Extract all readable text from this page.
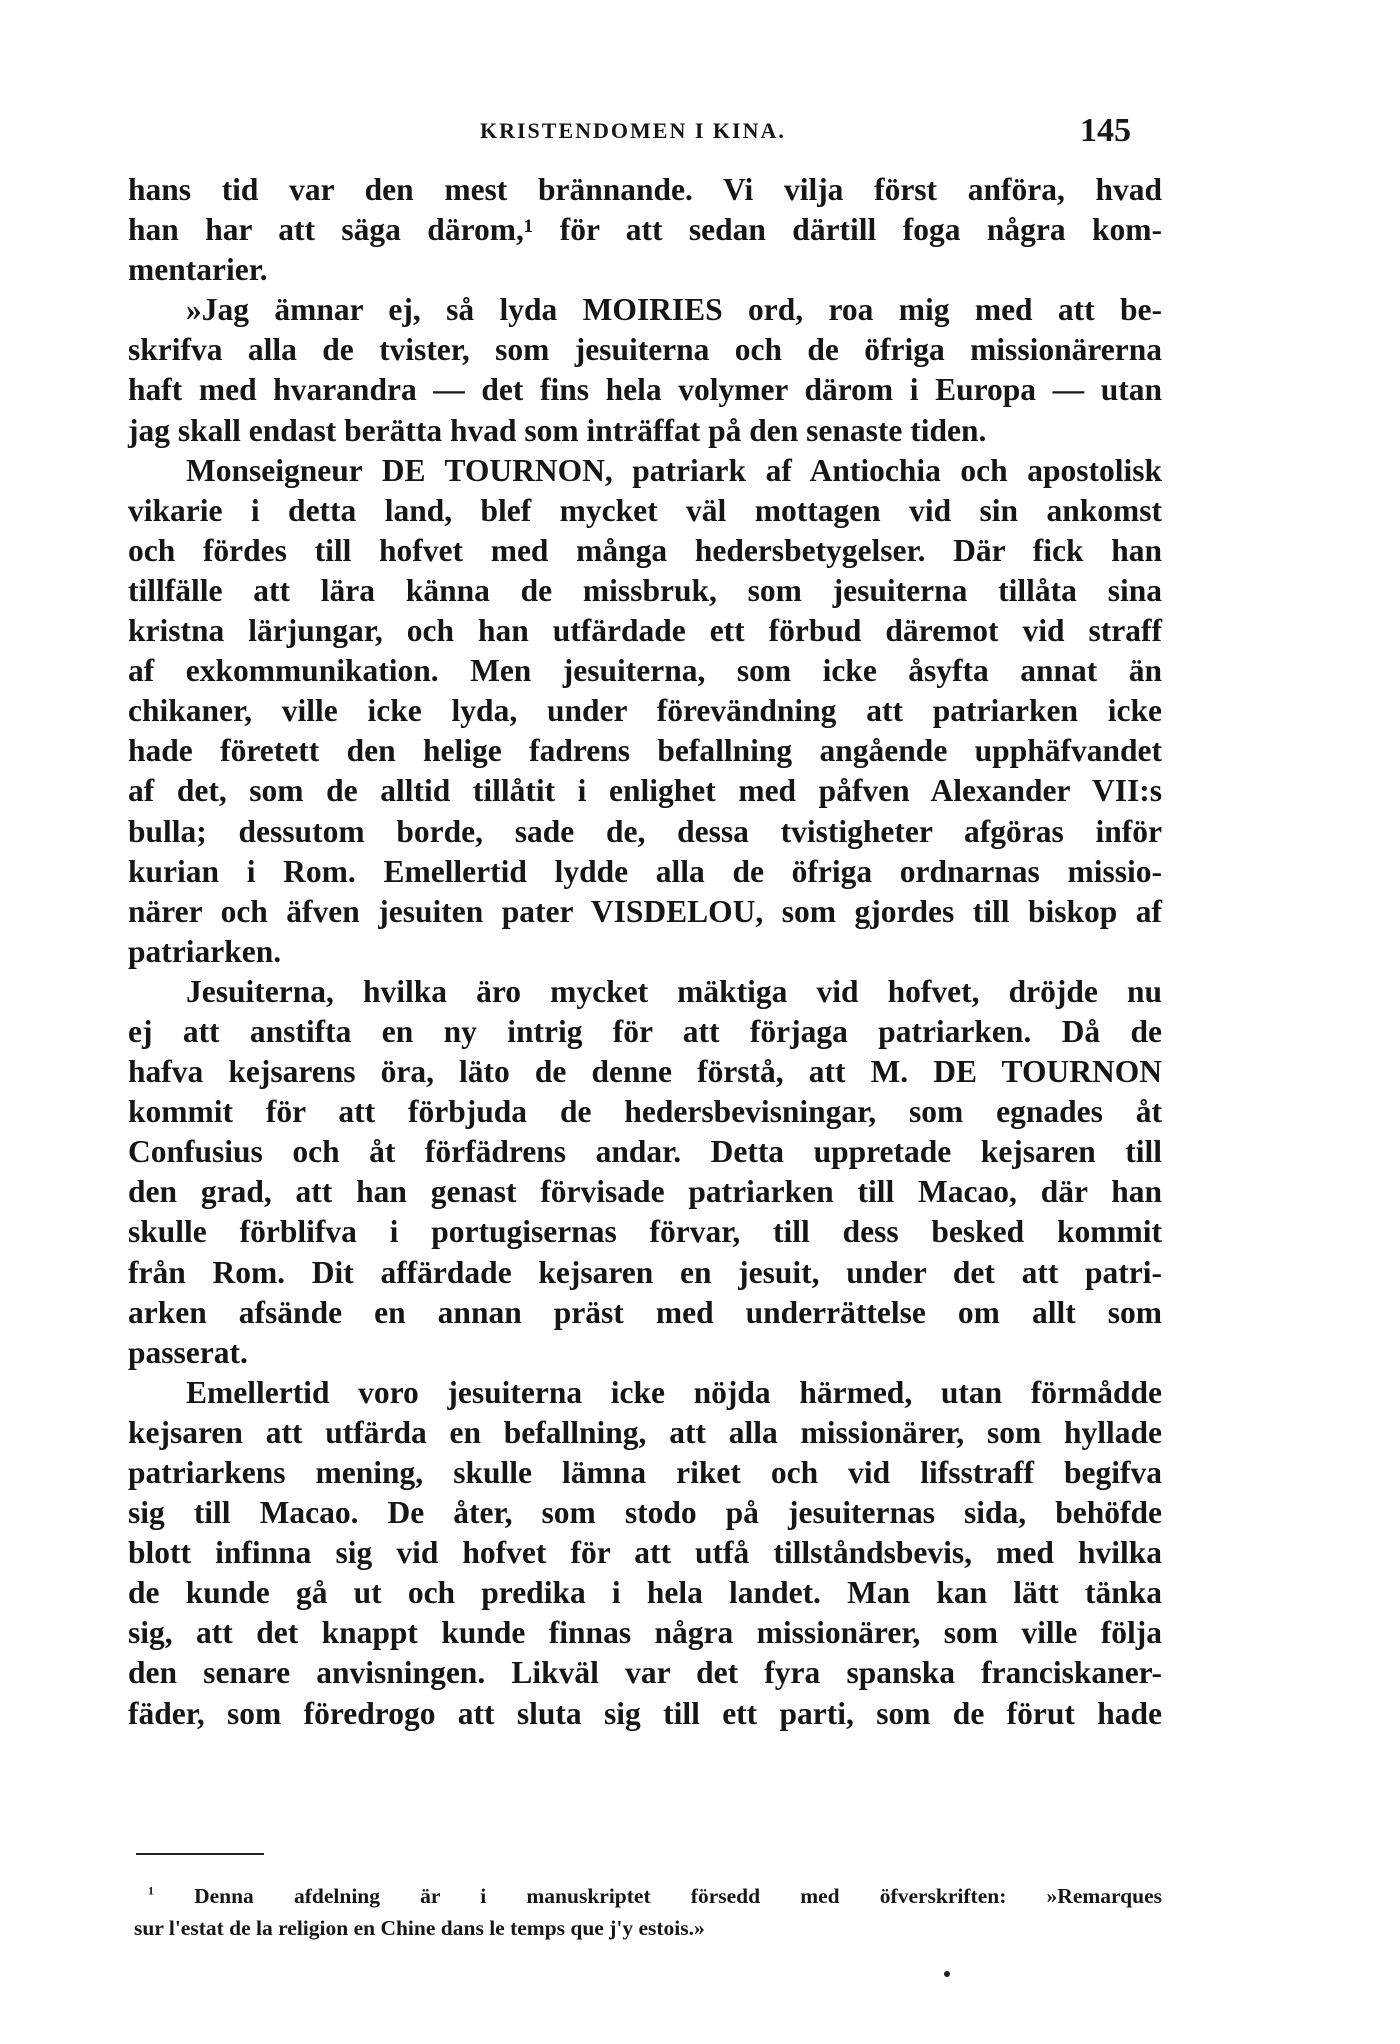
KRISTENDOMEN I KINA.	145
hans tid var den mest brännande. Vi vilja först anföra, hvad
han har att säga därom,¹ för att sedan därtill foga några kom-
mentarier.
»Jag ämnar ej, så lyda MOIRIES ord, roa mig med att be-
skrifva alla de tvister, som jesuiterna och de öfriga missionärerna
haft med hvarandra — det fins hela volymer därom i Europa — utan
jag skall endast berätta hvad som inträffat på den senaste tiden.
Monseigneur DE TOURNON, patriark af Antiochia och apostolisk
vikarie i detta land, blef mycket väl mottagen vid sin ankomst
och fördes till hofvet med många hedersbetygelser. Där fick han
tillfälle att lära känna de missbruk, som jesuiterna tillåta sina
kristna lärjungar, och han utfärdade ett förbud däremot vid straff
af exkommunikation. Men jesuiterna, som icke åsyfta annat än
chikaner, ville icke lyda, under förevändning att patriarken icke
hade företett den helige fadrens befallning angående upphäfvandet
af det, som de alltid tillåtit i enlighet med påfven Alexander VII:s
bulla; dessutom borde, sade de, dessa tvistigheter afgöras inför
kurian i Rom. Emellertid lydde alla de öfriga ordnarnas missio-
närer och äfven jesuiten pater VISDELOU, som gjordes till biskop af
patriarken.
Jesuiterna, hvilka äro mycket mäktiga vid hofvet, dröjde nu
ej att anstifta en ny intrig för att förjaga patriarken. Då de
hafva kejsarens öra, läto de denne förstå, att M. DE TOURNON
kommit för att förbjuda de hedersbevisningar, som egnades åt
Confusius och åt förfädrens andar. Detta uppretade kejsaren till
den grad, att han genast förvisade patriarken till Macao, där han
skulle förblifva i portugisernas förvar, till dess besked kommit
från Rom. Dit affärdade kejsaren en jesuit, under det att patri-
arken afsände en annan präst med underrättelse om allt som
passerat.
Emellertid voro jesuiterna icke nöjda härmed, utan förmådde
kejsaren att utfärda en befallning, att alla missionärer, som hyllade
patriarkens mening, skulle lämna riket och vid lifsstraff begifva
sig till Macao. De åter, som stodo på jesuiternas sida, behöfde
blott infinna sig vid hofvet för att utfå tillståndsbevis, med hvilka
de kunde gå ut och predika i hela landet. Man kan lätt tänka
sig, att det knappt kunde finnas några missionärer, som ville följa
den senare anvisningen. Likväl var det fyra spanska franciskaner-
fäder, som föredrogo att sluta sig till ett parti, som de förut hade
$^1$ Denna afdelning är i manuskriptet försedd med öfverskriften: »Remarques
sur l'estat de la religion en Chine dans le temps que j'y estois.»
